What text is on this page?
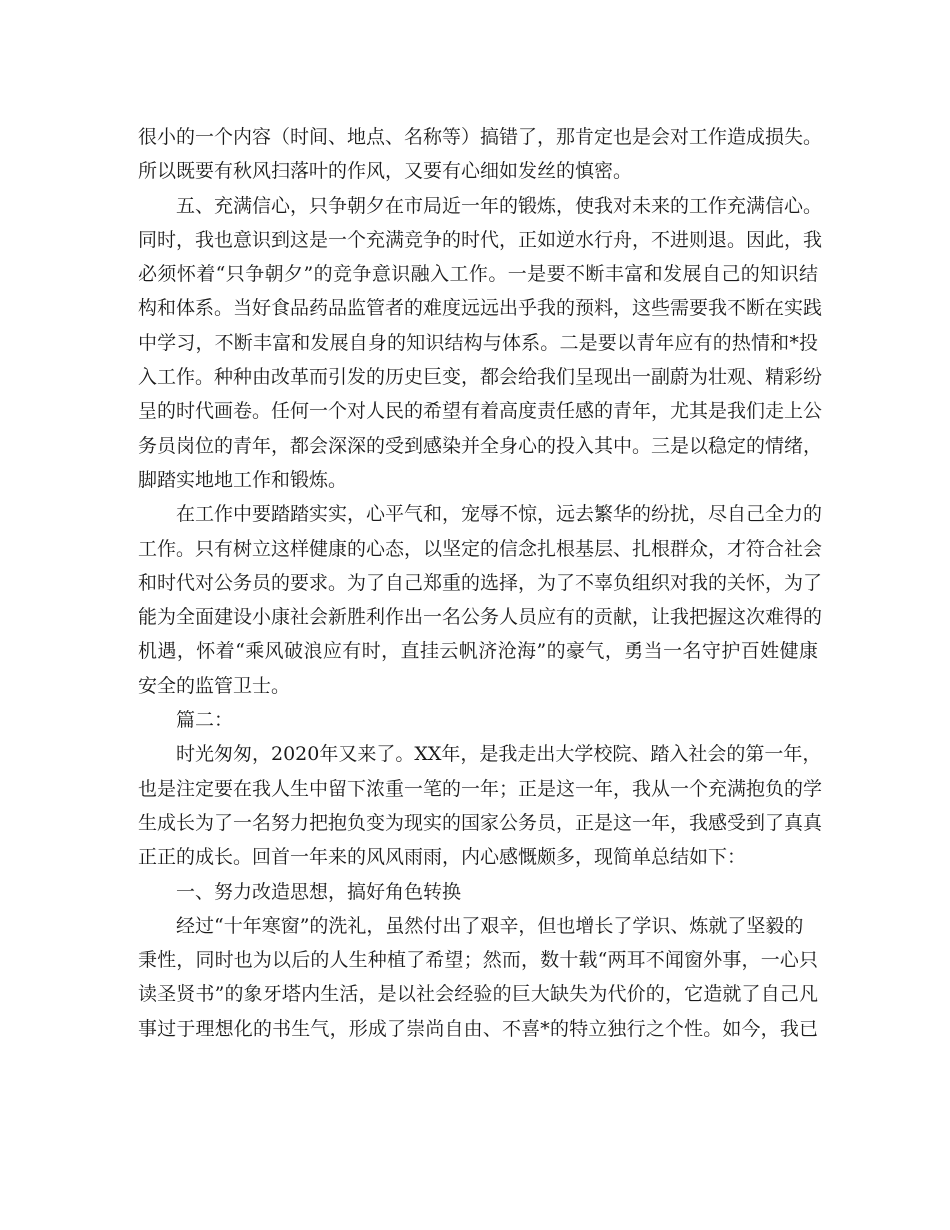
很小的一个内容（时间、地点、名称等）搞错了，那肯定也是会对工作造成损失。
所以既要有秋风扫落叶的作风，又要有心细如发丝的慎密。
五、充满信心，只争朝夕在市局近一年的锻炼，使我对未来的工作充满信心。
同时，我也意识到这是一个充满竞争的时代，正如逆水行舟，不进则退。因此，我
必须怀着“只争朝夕”的竞争意识融入工作。一是要不断丰富和发展自己的知识结
构和体系。当好食品药品监管者的难度远远出乎我的预料，这些需要我不断在实践
中学习，不断丰富和发展自身的知识结构与体系。二是要以青年应有的热情和*投
入工作。种种由改革而引发的历史巨变，都会给我们呈现出一副蔚为壮观、精彩纷
呈的时代画卷。任何一个对人民的希望有着高度责任感的青年，尤其是我们走上公
务员岗位的青年，都会深深的受到感染并全身心的投入其中。三是以稳定的情绪，
脚踏实地地工作和锻炼。
在工作中要踏踏实实，心平气和，宠辱不惊，远去繁华的纷扰，尽自己全力的
工作。只有树立这样健康的心态，以坚定的信念扎根基层、扎根群众，才符合社会
和时代对公务员的要求。为了自己郑重的选择，为了不辜负组织对我的关怀，为了
能为全面建设小康社会新胜利作出一名公务人员应有的贡献，让我把握这次难得的
机遇，怀着“乘风破浪应有时，直挂云帆济沧海”的豪气，勇当一名守护百姓健康
安全的监管卫士。
篇二：
时光匆匆，2020年又来了。XX年，是我走出大学校院、踏入社会的第一年，
也是注定要在我人生中留下浓重一笔的一年；正是这一年，我从一个充满抱负的学
生成长为了一名努力把抱负变为现实的国家公务员，正是这一年，我感受到了真真
正正的成长。回首一年来的风风雨雨，内心感慨颇多，现简单总结如下：
一、努力改造思想，搞好角色转换
经过“十年寒窗”的洗礼，虽然付出了艰辛，但也增长了学识、炼就了坚毅的
秉性，同时也为以后的人生种植了希望；然而，数十载“两耳不闻窗外事，一心只
读圣贤书”的象牙塔内生活，是以社会经验的巨大缺失为代价的，它造就了自己凡
事过于理想化的书生气，形成了崇尚自由、不喜*的特立独行之个性。如今，我已
